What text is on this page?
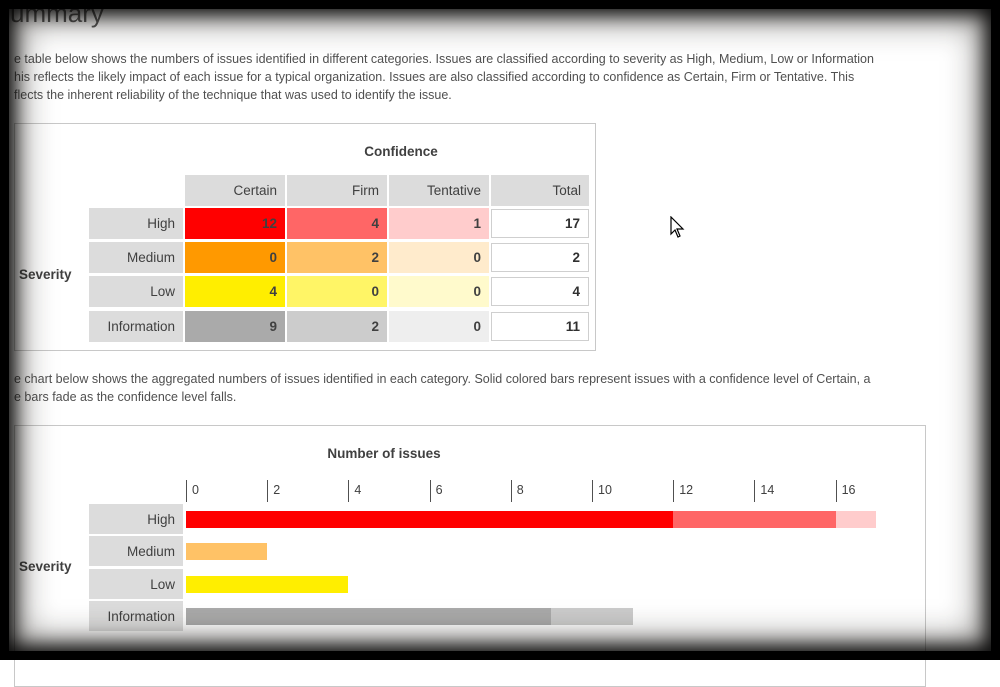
ummary
e table below shows the numbers of issues identified in different categories. Issues are classified according to severity as High, Medium, Low or Information
his reflects the likely impact of each issue for a typical organization. Issues are also classified according to confidence as Certain, Firm or Tentative. This
flects the inherent reliability of the technique that was used to identify the issue.
Confidence
Severity
Certain	Firm	Tentative	Total
High	12	4	1	17
Medium	0	2	0	2
Low	4	0	0	4
Information	9	2	0	11
e chart below shows the aggregated numbers of issues identified in each category. Solid colored bars represent issues with a confidence level of Certain, a
e bars fade as the confidence level falls.
Number of issues
Severity
High
Medium
Low
Information
0	2	4	6	8	10	12	14	16
